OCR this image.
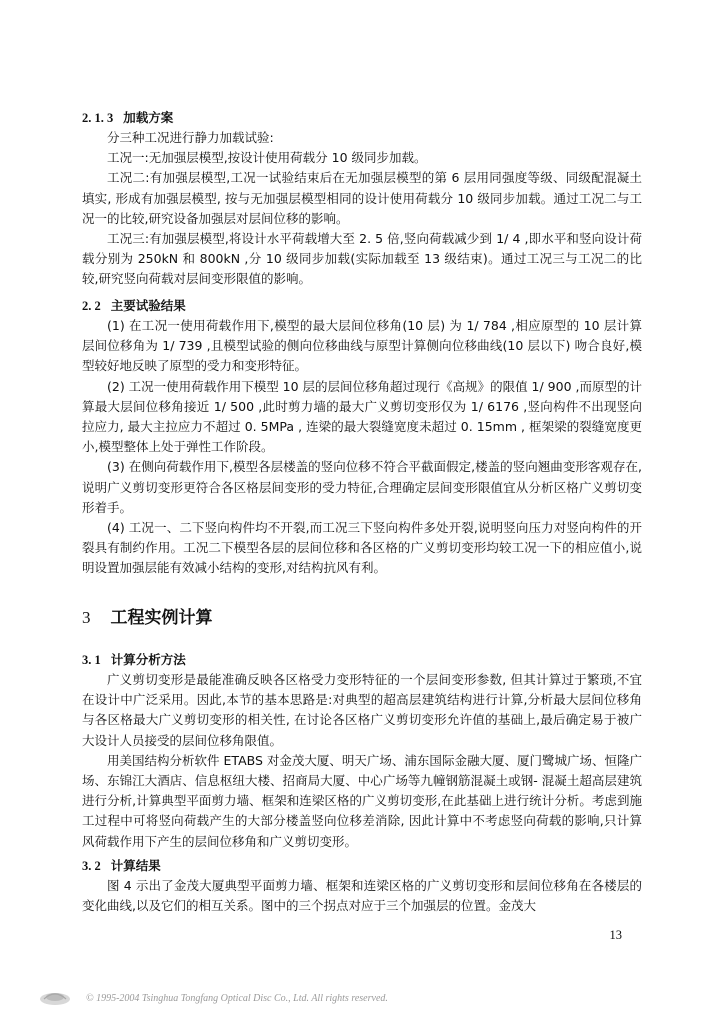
2. 1. 3 加载方案
分三种工况进行静力加载试验:
工况一:无加强层模型,按设计使用荷载分 10 级同步加载。
工况二:有加强层模型,工况一试验结束后在无加强层模型的第 6 层用同强度等级、同级配混凝土填实, 形成有加强层模型, 按与无加强层模型相同的设计使用荷载分 10 级同步加载。通过工况二与工况一的比较,研究设备加强层对层间位移的影响。
工况三:有加强层模型,将设计水平荷载增大至 2. 5 倍,竖向荷载减少到 1/ 4 ,即水平和竖向设计荷载分别为 250kN 和 800kN ,分 10 级同步加载(实际加载至 13 级结束)。通过工况三与工况二的比较,研究竖向荷载对层间变形限值的影响。
2. 2 主要试验结果
(1) 在工况一使用荷载作用下,模型的最大层间位移角(10 层) 为 1/ 784 ,相应原型的 10 层计算层间位移角为 1/ 739 ,且模型试验的侧向位移曲线与原型计算侧向位移曲线(10 层以下) 吻合良好,模型较好地反映了原型的受力和变形特征。
(2) 工况一使用荷载作用下模型 10 层的层间位移角超过现行《高规》的限值 1/ 900 ,而原型的计算最大层间位移角接近 1/ 500 ,此时剪力墙的最大广义剪切变形仅为 1/ 6176 ,竖向构件不出现竖向拉应力, 最大主拉应力不超过 0. 5MPa , 连梁的最大裂缝宽度未超过 0. 15mm , 框架梁的裂缝宽度更小,模型整体上处于弹性工作阶段。
(3) 在侧向荷载作用下,模型各层楼盖的竖向位移不符合平截面假定,楼盖的竖向翘曲变形客观存在,说明广义剪切变形更符合各区格层间变形的受力特征,合理确定层间变形限值宜从分析区格广义剪切变形着手。
(4) 工况一、二下竖向构件均不开裂,而工况三下竖向构件多处开裂,说明竖向压力对竖向构件的开裂具有制约作用。工况二下模型各层的层间位移和各区格的广义剪切变形均较工况一下的相应值小,说明设置加强层能有效减小结构的变形,对结构抗风有利。
3 工程实例计算
3. 1 计算分析方法
广义剪切变形是最能准确反映各区格受力变形特征的一个层间变形参数, 但其计算过于繁琐,不宜在设计中广泛采用。因此,本节的基本思路是:对典型的超高层建筑结构进行计算,分析最大层间位移角与各区格最大广义剪切变形的相关性, 在讨论各区格广义剪切变形允许值的基础上,最后确定易于被广大设计人员接受的层间位移角限值。
用美国结构分析软件 ETABS 对金茂大厦、明天广场、浦东国际金融大厦、厦门鹭城广场、恒隆广场、东锦江大酒店、信息枢纽大楼、招商局大厦、中心广场等九幢钢筋混凝土或钢- 混凝土超高层建筑进行分析,计算典型平面剪力墙、框架和连梁区格的广义剪切变形,在此基础上进行统计分析。考虑到施工过程中可将竖向荷载产生的大部分楼盖竖向位移差消除, 因此计算中不考虑竖向荷载的影响,只计算风荷载作用下产生的层间位移角和广义剪切变形。
3. 2 计算结果
图 4 示出了金茂大厦典型平面剪力墙、框架和连梁区格的广义剪切变形和层间位移角在各楼层的变化曲线,以及它们的相互关系。图中的三个拐点对应于三个加强层的位置。金茂大
13
© 1995-2004 Tsinghua Tongfang Optical Disc Co., Ltd. All rights reserved.
